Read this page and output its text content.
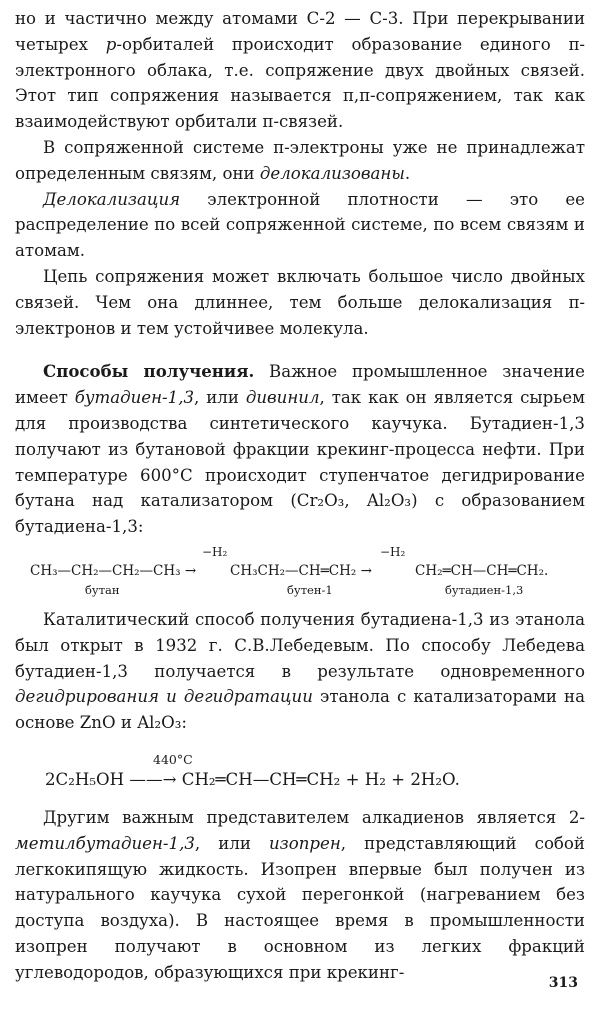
но и частично между атомами С-2 — С-3. При перекрывании четырех p-орбиталей происходит образование единого π-электронного облака, т.е. сопряжение двух двойных связей. Этот тип сопряжения называется π,π-сопряжением, так как взаимодействуют орбитали π-связей.

В сопряженной системе π-электроны уже не принадлежат определенным связям, они делокализованы.

Делокализация электронной плотности — это ее распределение по всей сопряженной системе, по всем связям и атомам.

Цепь сопряжения может включать большое число двойных связей. Чем она длиннее, тем больше делокализация π-электронов и тем устойчивее молекула.

Способы получения. Важное промышленное значение имеет бутадиен-1,3, или дивинил, так как он является сырьем для производства синтетического каучука. Бутадиен-1,3 получают из бутановой фракции крекинг-процесса нефти. При температуре 600°С происходит ступенчатое дегидрирование бутана над катализатором (Cr₂O₃, Al₂O₃) с образованием бутадиена-1,3:

−H₂	−H₂
CH₃—CH₂—CH₂—CH₃ →	CH₃CH₂—CH═CH₂ →	CH₂═CH—CH═CH₂.
бутан	бутен-1	бутадиен-1,3

Каталитический способ получения бутадиена-1,3 из этанола был открыт в 1932 г. С.В.Лебедевым. По способу Лебедева бутадиен-1,3 получается в результате одновременного дегидрирования и дегидратации этанола с катализаторами на основе ZnO и Al₂O₃:

440°C
2C₂H₅OH ——→ CH₂═CH—CH═CH₂ + H₂ + 2H₂O.

Другим важным представителем алкадиенов является 2-метилбутадиен-1,3, или изопрен, представляющий собой легкокипящую жидкость. Изопрен впервые был получен из натурального каучука сухой перегонкой (нагреванием без доступа воздуха). В настоящее время в промышленности изопрен получают в основном из легких фракций углеводородов, образующихся при крекинг-

313
